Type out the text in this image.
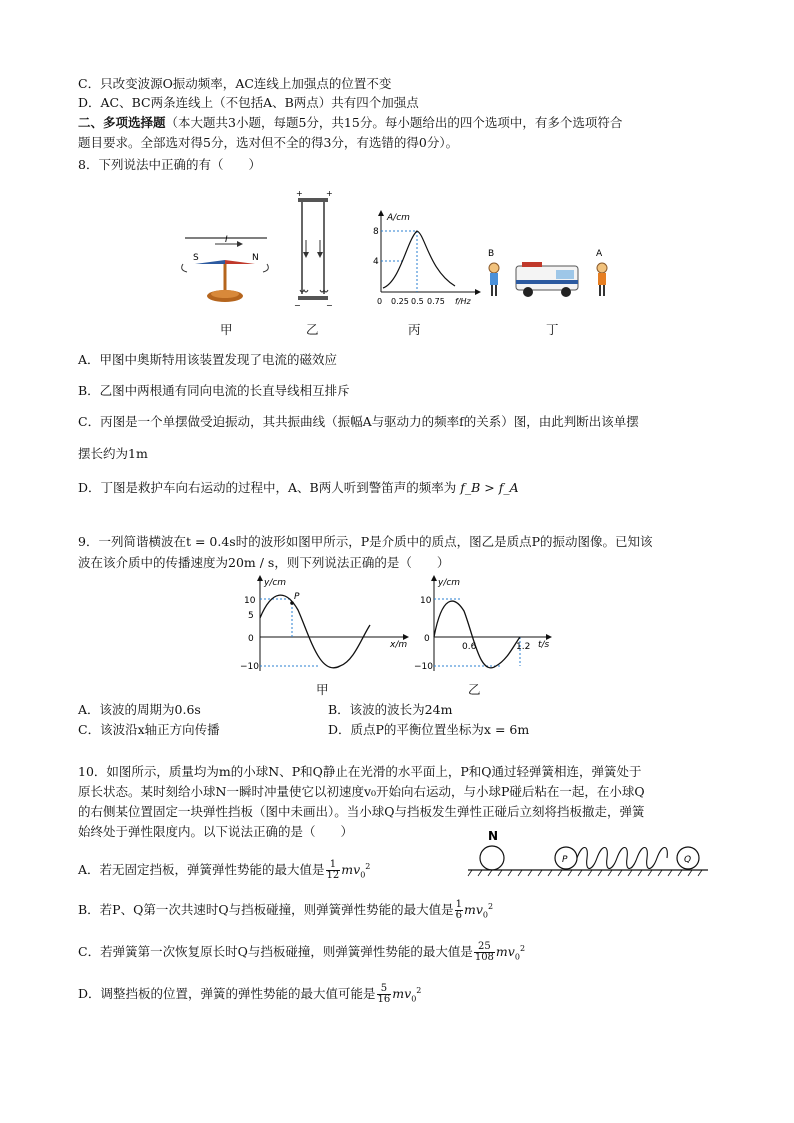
C．只改变波源O振动频率，AC连线上加强点的位置不变
D．AC、BC两条连线上（不包括A、B两点）共有四个加强点
二、多项选择题（本大题共3小题，每题5分，共15分。每小题给出的四个选项中，有多个选项符合
题目要求。全部选对得5分，选对但不全的得3分，有选错的得0分）。
8．下列说法中正确的有（　　）
I
S	N
甲
+	+
−	−
乙
A/cm
8
4
0 0.25 0.5 0.75 f/Hz
丙
B	A
丁
A．甲图中奥斯特用该装置发现了电流的磁效应
B．乙图中两根通有同向电流的长直导线相互排斥
C．丙图是一个单摆做受迫振动，其共振曲线（振幅A与驱动力的频率f的关系）图，由此判断出该单摆
摆长约为1m
D．丁图是救护车向右运动的过程中，A、B两人听到警笛声的频率为 f_B > f_A
9．一列简谐横波在t = 0.4s时的波形如图甲所示，P是介质中的质点，图乙是质点P的振动图像。已知该
波在该介质中的传播速度为20m / s，则下列说法正确的是（　　）
y/cm
x/m
10
5
0
−10
P
甲
y/cm
t/s
10
0
−10
0.6	1.2
乙
A．该波的周期为0.6s	B．该波的波长为24m
C．该波沿x轴正方向传播	D．质点P的平衡位置坐标为x = 6m
10．如图所示，质量均为m的小球N、P和Q静止在光滑的水平面上，P和Q通过轻弹簧相连，弹簧处于
原长状态。某时刻给小球N一瞬时冲量使它以初速度v₀开始向右运动，与小球P碰后粘在一起，在小球Q
的右侧某位置固定一块弹性挡板（图中未画出）。当小球Q与挡板发生弹性正碰后立刻将挡板撤走，弹簧
始终处于弹性限度内。以下说法正确的是（　　）	N
P	Q
A．若无固定挡板，弹簧弹性势能的最大值是 $\frac{1}{12} mv_0^2$
B．若P、Q第一次共速时Q与挡板碰撞，则弹簧弹性势能的最大值是 $\frac{1}{6} mv_0^2$
C．若弹簧第一次恢复原长时Q与挡板碰撞，则弹簧弹性势能的最大值是 $\frac{25}{108} mv_0^2$
D．调整挡板的位置，弹簧的弹性势能的最大值可能是 $\frac{5}{16} mv_0^2$
